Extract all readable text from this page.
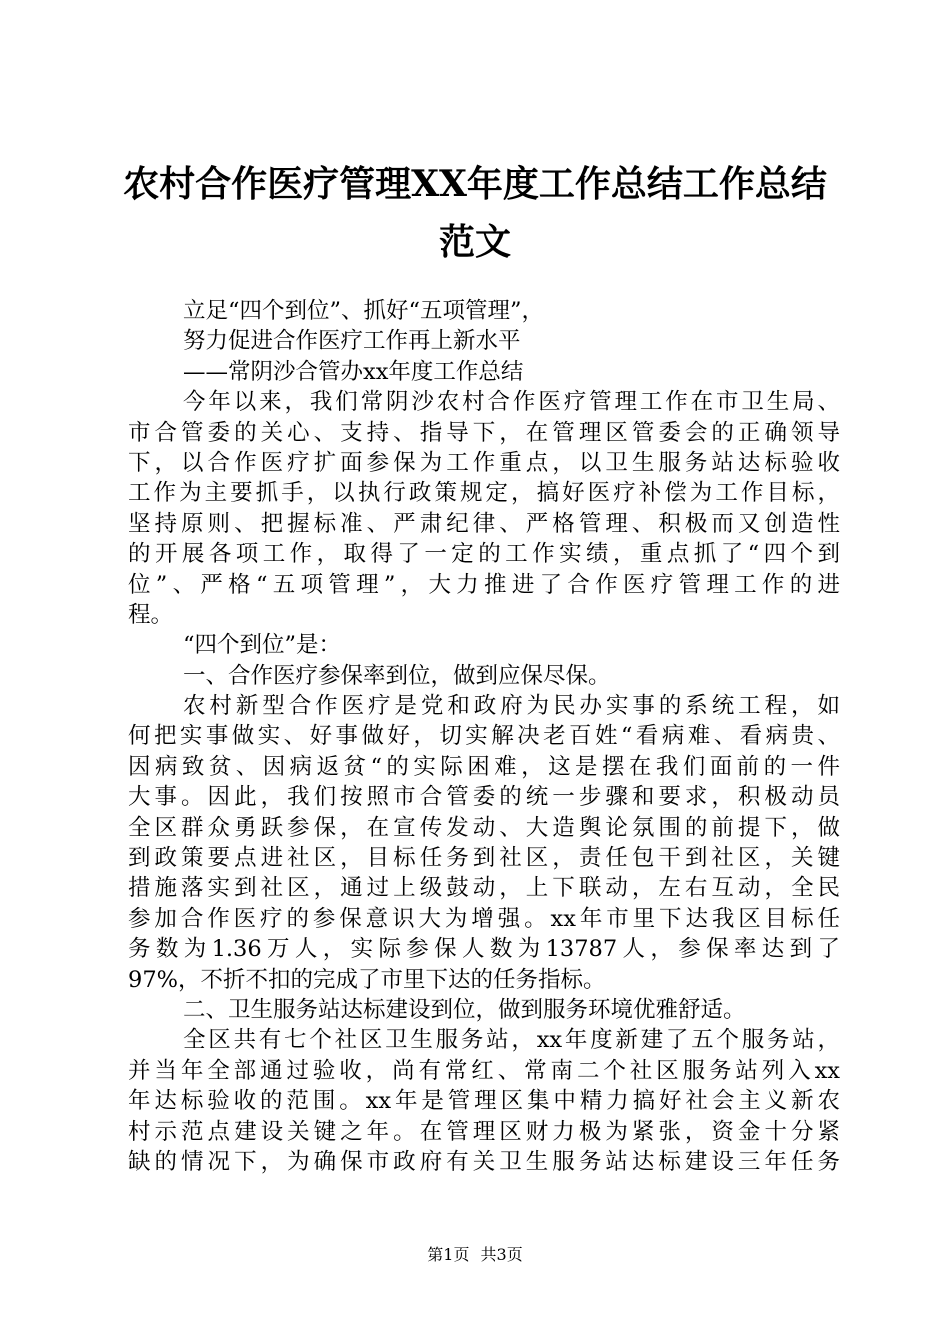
农村合作医疗管理XX年度工作总结工作总结
范文
立足“四个到位”、抓好“五项管理”，
努力促进合作医疗工作再上新水平
——常阴沙合管办xx年度工作总结
今年以来，我们常阴沙农村合作医疗管理工作在市卫生局、
市合管委的关心、支持、指导下，在管理区管委会的正确领导
下，以合作医疗扩面参保为工作重点，以卫生服务站达标验收
工作为主要抓手，以执行政策规定，搞好医疗补偿为工作目标，
坚持原则、把握标准、严肃纪律、严格管理、积极而又创造性
的开展各项工作，取得了一定的工作实绩，重点抓了“四个到
位”、严格“五项管理”，大力推进了合作医疗管理工作的进
程。
“四个到位”是：
一、合作医疗参保率到位，做到应保尽保。
农村新型合作医疗是党和政府为民办实事的系统工程，如
何把实事做实、好事做好，切实解决老百姓“看病难、看病贵、
因病致贫、因病返贫“的实际困难，这是摆在我们面前的一件
大事。因此，我们按照市合管委的统一步骤和要求，积极动员
全区群众勇跃参保，在宣传发动、大造舆论氛围的前提下，做
到政策要点进社区，目标任务到社区，责任包干到社区，关键
措施落实到社区，通过上级鼓动，上下联动，左右互动，全民
参加合作医疗的参保意识大为增强。xx年市里下达我区目标任
务数为1.36万人，实际参保人数为13787人，参保率达到了
97%，不折不扣的完成了市里下达的任务指标。
二、卫生服务站达标建设到位，做到服务环境优雅舒适。
全区共有七个社区卫生服务站，xx年度新建了五个服务站，
并当年全部通过验收，尚有常红、常南二个社区服务站列入xx
年达标验收的范围。xx年是管理区集中精力搞好社会主义新农
村示范点建设关键之年。在管理区财力极为紧张，资金十分紧
缺的情况下，为确保市政府有关卫生服务站达标建设三年任务
第1页 共3页
